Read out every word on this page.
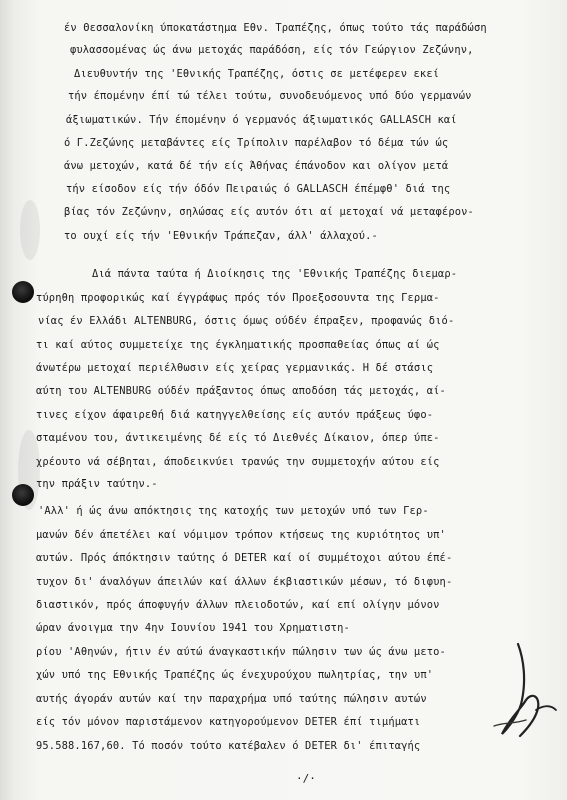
έν Θεσσαλονίκη ύποκατάστημα Εθν. Τραπέζης, όπως τούτο τάς παράδώση
φυλασσομένας ώς άνω μετοχάς παράδόση, είς τόν Γεώργιον Ζεζώνην,
Διευθυντήν της 'Εθνικής Τραπέζης, όστις σε μετέφερεν εκεί
τήν έπομένην έπί τώ τέλει τούτω, συνοδευόμενος υπό δύο γερμανών
άξιωματικών. Τήν έπομένην ό γερμανός άξιωματικός GALLASCH καί
ό Γ.Ζεζώνης μεταβάντες είς Τρίπολιν παρέλαβον τό δέμα τών ώς
άνω μετοχών, κατά δέ τήν είς Άθήνας έπάνοδον και ολίγον μετά
τήν είσοδον είς τήν όδόν Πειραιώς ό GALLASCH έπέμφθ' διά της
βίας τόν Ζεζώνην, σηλώσας είς αυτόν ότι αί μετοχαί νά μεταφέρον-
το ουχί είς τήν 'Εθνικήν Τράπεζαν, άλλ' άλλαχού.-
Διά πάντα ταύτα ή Διοίκησις της 'Εθνικής Τραπέζης διεμαρ-
τύρηθη προφορικώς καί έγγράφως πρός τόν Προεξοσουντα της Γερμα-
νίας έν Ελλάδι ALTENBURG, όστις όμως ούδέν έπραξεν, προφανώς διό-
τι καί αύτος συμμετείχε της έγκληματικής προσπαθείας όπως αί ώς
άνωτέρω μετοχαί περιέλθωσιν είς χείρας γερμανικάς. Η δέ στάσις
αύτη του ALTENBURG ούδέν πράξαντος όπως αποδόση τάς μετοχάς, αί-
τινες είχον άφαιρεθή διά κατηγγελθείσης είς αυτόν πράξεως ύφο-
σταμένου του, άντικειμένης δέ είς τό Διεθνές Δίκαιον, όπερ ύπε-
χρέουτο νά σέβηται, άποδεικνύει τρανώς την συμμετοχήν αύτου είς
την πράξιν ταύτην.-
'Αλλ' ή ώς άνω απόκτησις της κατοχής των μετοχών υπό των Γερ-
μανών δέν άπετέλει καί νόμιμον τρόπον κτήσεως της κυριότητος υπ'
αυτών. Πρός άπόκτησιν ταύτης ό DETER καί οί συμμέτοχοι αύτου έπέ-
τυχον δι' άναλόγων άπειλών καί άλλων έκβιαστικών μέσων, τό διφυη-
διαστικόν, πρός άποφυγήν άλλων πλειοδοτών, καί επί ολίγην μόνον
ώραν άνοιγμα την 4ην Ιουνίου 1941 του Χρηματιστη-
ρίου 'Αθηνών, ήτιν έν αύτώ άναγκαστικήν πώλησιν των ώς άνω μετο-
χών υπό της Εθνικής Τραπέζης ώς ένεχυρούχου πωλητρίας, την υπ'
αυτής άγοράν αυτών καί την παραχρήμα υπό ταύτης πώλησιν αυτών
είς τόν μόνον παριστάμενον κατηγορούμενον DETER έπί τιμήματι
95.588.167,60. Τό ποσόν τούτο κατέβαλεν ό DETER δι' έπιταγής
·/·
